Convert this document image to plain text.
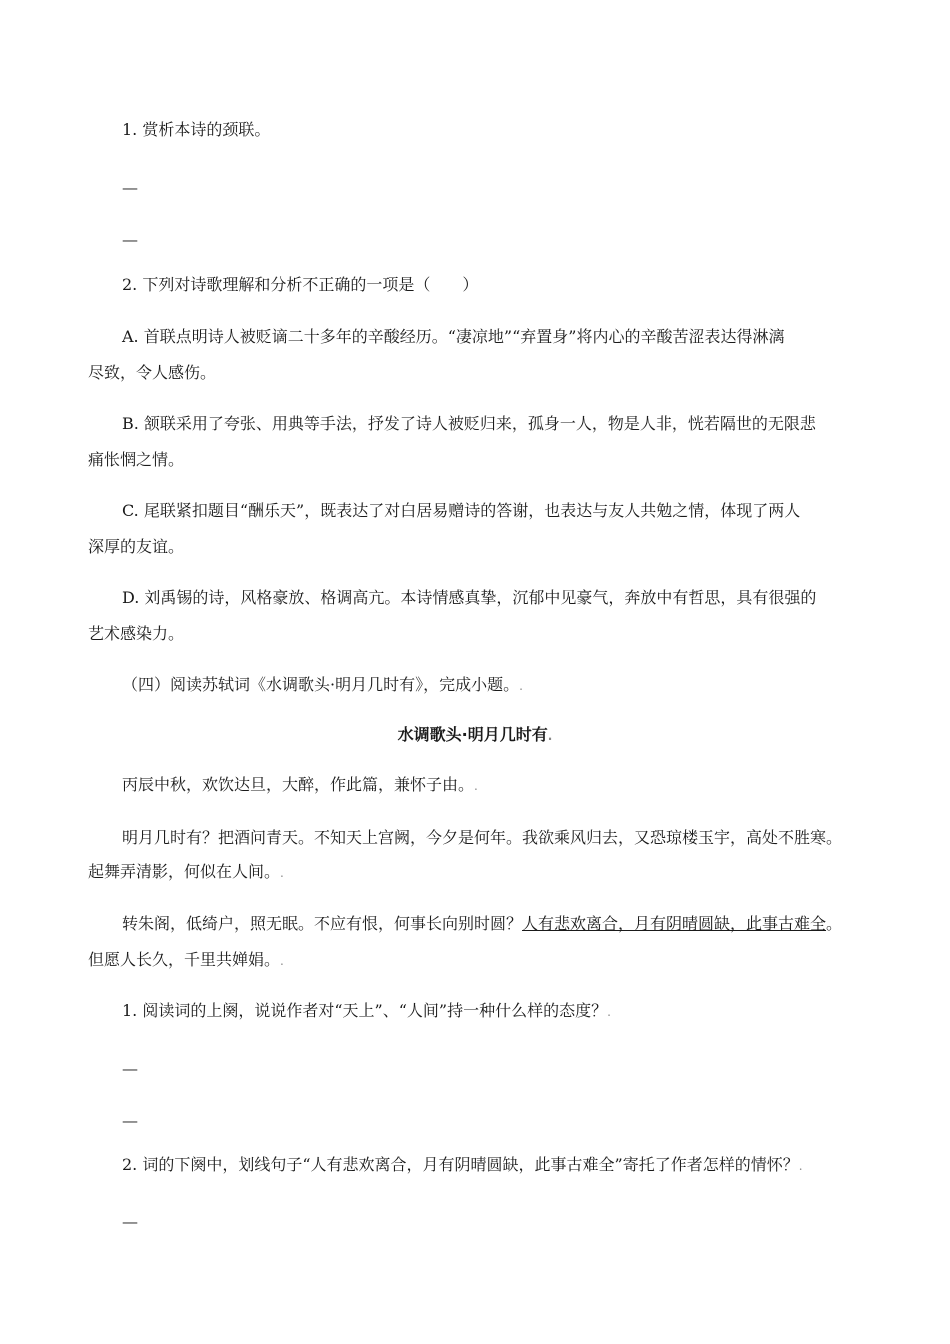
1. 赏析本诗的颈联。
—
—
2. 下列对诗歌理解和分析不正确的一项是（　　）
A. 首联点明诗人被贬谪二十多年的辛酸经历。“凄凉地”“弃置身”将内心的辛酸苦涩表达得淋漓
尽致，令人感伤。
B. 颔联采用了夸张、用典等手法，抒发了诗人被贬归来，孤身一人，物是人非，恍若隔世的无限悲
痛怅惘之情。
C. 尾联紧扣题目“酬乐天”，既表达了对白居易赠诗的答谢，也表达与友人共勉之情，体现了两人
深厚的友谊。
D. 刘禹锡的诗，风格豪放、格调高亢。本诗情感真挚，沉郁中见豪气，奔放中有哲思，具有很强的
艺术感染力。
（四）阅读苏轼词《水调歌头·明月几时有》，完成小题。.
水调歌头·明月几时有.
丙辰中秋，欢饮达旦，大醉，作此篇，兼怀子由。.
明月几时有？把酒问青天。不知天上宫阙，今夕是何年。我欲乘风归去，又恐琼楼玉宇，高处不胜寒。
起舞弄清影，何似在人间。.
转朱阁，低绮户，照无眠。不应有恨，何事长向别时圆？人有悲欢离合，月有阴晴圆缺，此事古难全。
但愿人长久，千里共婵娟。.
1. 阅读词的上阕，说说作者对“天上”、“人间”持一种什么样的态度？.
—
—
2. 词的下阕中，划线句子“人有悲欢离合，月有阴晴圆缺，此事古难全”寄托了作者怎样的情怀？.
—
